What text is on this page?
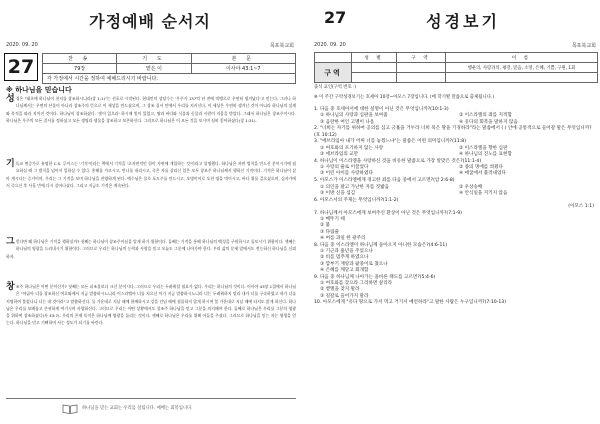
가정예배 순서지
2020. 09. 20	목포북교회
27	찬 송	기 도	본 문
79장	맡은 이	이사야 43:1~7
각 가정에서 시간을 정하여 예배드리시기 바랍니다.		
※ 하나님을 믿습니다
성경은 "태초에 하나님이 천지를 창조하시니라(창 1:1)"는 선포로 시작된다. 현대인의 상당수는 '우주가 137억 년 전에 빅뱅으로 우연히 생겨났다'고 믿는다. 그러나 하나님께서는 우연의 산물이 아니라 창조주의 뜻으로 이 세상을 만드셨으며, 그 창조 질서 안에서 우리를 지키신다. 이 세상은 우연히 생겨난 것이 아니라 하나님의 설계와 목적을 따라 지어진 것이다. 하나님이 창조하셨다. '빛이 있으라' 하시매 빛이 있었고, 땅과 바다와 식물과 동물과 사람이 지음을 받았다. 그래서 하나님은 창조주이시다. 하나님은 우주의 모든 질서를 정하셨고 모든 생명과 생물을 창조하고 보존하신다. 그러므로 하나님은 이 모든 것을 보시며 심히 좋아하셨다(창 1:31).
기독교 변증가로 유명한 C.S. 루이스는 '기적'이라는 책에서 기적을 '초자연적인 힘이 자연에 개입하는 것'이라고 설명했다. 하나님은 자연 법칙을 만드신 분이시기에 필요하실 때 그 법칙을 넘어서 일하실 수 있다. 홍해를 가르시고, 만나를 내리시고, 죽은 자를 살리신 일은 모두 창조주 하나님께서 행하신 기적이다. 기적은 하나님이 살아 계시다는 증거이며, 우리는 그 기적을 보며 하나님을 찬양하게 된다. 예수님은 물로 포도주를 만드시고, 오병이어로 오천 명을 먹이시고, 바다 위를 걸으셨으며, 십자가에서 죽으신 후 사흘 만에 다시 살아나셨다. 그리고 지금도 기적은 계속된다.
그렇다면 왜 하나님은 기적을 행하실까? 첫째는 하나님이 창조주이심을 알게 하기 위함이다. 둘째는 기적을 통해 하나님의 백성을 구원하시고 돌보시기 위함이다. 셋째는 하나님의 영광을 드러내시기 위함이다. 그러므로 우리는 하나님의 능력과 사랑을 믿고 오늘도 그분께 나아가야 한다. 우리 삶의 문제 앞에서도 전능하신 하나님을 신뢰하자.
창조주 하나님은 어떤 분이신가? 첫째는 모든 피조물보다 크신 분이시다. 그러므로 우리는 두려워할 필요가 없다. 우리는 하나님의 것이다. 이사야 43장 1절에서 하나님은 "야곱아 너를 창조하신 여호와께서 지금 말씀하시느니라 이스라엘아 너를 지으신 이가 지금 말씀하시느니라 너는 두려워하지 말라 내가 너를 구속하였고 내가 너를 지명하여 불렀나니 너는 내 것이라"고 말씀하신다. 물 가운데로 지날 때에 함께하시고 강을 건널 때에 침몰하지 않게 하시며 불 가운데로 지날 때에 타지도 않게 하신다. 하나님은 우리를 보배롭고 존귀하게 여기시며 사랑하신다. 그러므로 우리는 어떤 상황에서도 창조주 하나님을 믿고 그분을 의지해야 한다. 둘째로 하나님은 우리를 그분의 영광을 위하여 창조하셨다(사 43:7). 우리의 존재 목적은 하나님께 영광을 돌리는 것이다. 셋째로 하나님은 우리를 위해 아들을 주셨다. 그러므로 하나님을 믿는 자는 영생을 얻는다. 하나님을 믿고 기뻐하며 사는 성도가 되기를 바란다.
하나님을 믿는 교회는 우리를 살립니다. 예배는 회복입니다.
27	성경보기
2020. 09. 20	목포북교회
	성 별	구 역	이 름
구역			행운의, 사랑과의, 평강, 믿음, 소망, 은혜, 기쁨, 구원, 1회

출석 교인(구역 번호 ·)
※ 이 주간 구약성경보기는 호세아 10장~아모스 7장입니다. (매 학기별 말씀으로 출제됩니다.)
1. 다음 중 호세아서에 대한 설명이 아닌 것은 무엇입니까?(10:1-3)
① 하나님의 사랑과 심판을 보여줌	② 이스라엘의 죄를 지적함
③ 음란한 여인 고멜이 나옴	④ 유다의 회복을 말하지 않음
2. "너희는 자기를 위하여 공의를 심고 긍휼을 거두라 너희 묵은 땅을 기경하라"라는 말씀에서 ( ) 안에 공통적으로 들어갈 말은 무엇입니까? (호 10:12)
3. "에브라임아 내가 어찌 너를 놓겠느냐"는 말씀은 어떤 의미입니까?(11:8)
① 여호와의 포기하지 않는 사랑	② 이스라엘을 향한 심판
③ 에브라임의 교만	④ 하나님의 진노를 표현함
4. 하나님이 이스라엘을 사랑하신 것을 비유한 말씀으로 가장 알맞은 것은?(11:1-4)
① 사랑의 줄로 이끌었다	② 종의 멍에를 씌웠다
③ 어린 아이를 사랑하였다	④ 애굽에서 불러내었다
5. 아모스가 이스라엘에게 경고한 죄를 다음 중에서 고르면?(암 2:6-8)
① 의인을 팔고 가난한 자를 짓밟음	② 우상숭배
③ 이방 신을 섬김	④ 안식일을 지키지 않음
6. 아모스서의 주제는 무엇입니까?(1:1-2)
(아모스 1:1)
7. 하나님께서 아모스에게 보여주신 환상이 아닌 것은 무엇입니까?(7:1-9)
① 메뚜기 떼
② 불
③ 다림줄
④ 여름 과일 한 광주리
8. 다음 중 이스라엘이 하나님께 돌아오지 아니한 모습은?(4:6-11)
① 기근과 흉년을 주었으나
② 비를 멈추게 하였으나
③ 깜부기 재앙과 팥중이로 쳤으나
④ 은혜를 깨닫고 회개함
9. 다음 중 하나님께 나아가는 올바른 태도를 고르면?(5:4-6)
① 여호와를 찾으라 그리하면 살리라
② 벧엘을 찾지 말라
③ 길갈로 들어가지 말라
10. 아모스에게 "유다 땅으로 가서 먹고 거기서 예언하라"고 말한 사람은 누구입니까?(7:10-13)
